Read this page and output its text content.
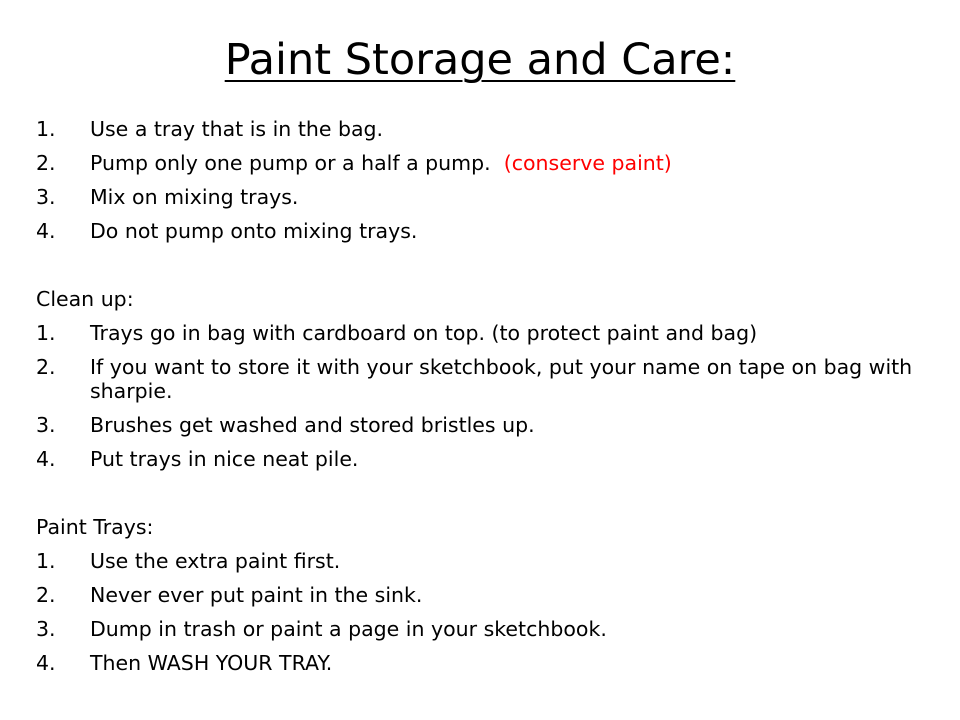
Paint Storage and Care:
1.	Use a tray that is in the bag.
2.	Pump only one pump or a half a pump. (conserve paint)
3.	Mix on mixing trays.
4.	Do not pump onto mixing trays.
Clean up:
1.	Trays go in bag with cardboard on top. (to protect paint and bag)
2.	If you want to store it with your sketchbook, put your name on tape on bag with sharpie.
3.	Brushes get washed and stored bristles up.
4.	Put trays in nice neat pile.
Paint Trays:
1.	Use the extra paint first.
2.	Never ever put paint in the sink.
3.	Dump in trash or paint a page in your sketchbook.
4.	Then WASH YOUR TRAY.
